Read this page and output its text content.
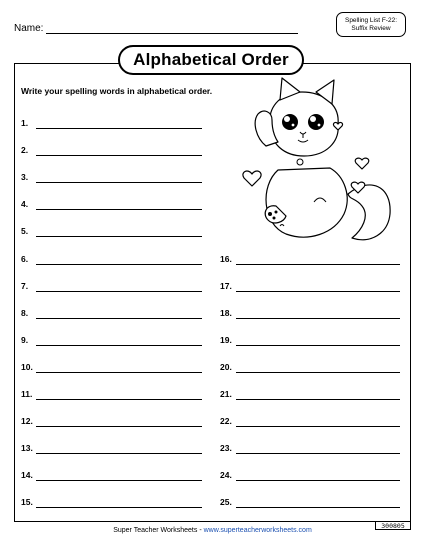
Name:
Spelling List F-22:
Suffix Review
Alphabetical Order
Write your spelling words in alphabetical order.
1.
2.
3.
4.
5.
6.
7.
8.
9.
10.
11.
12.
13.
14.
15.
16.
17.
18.
19.
20.
21.
22.
23.
24.
25.
Super Teacher Worksheets - www.superteacherworksheets.com
300805
